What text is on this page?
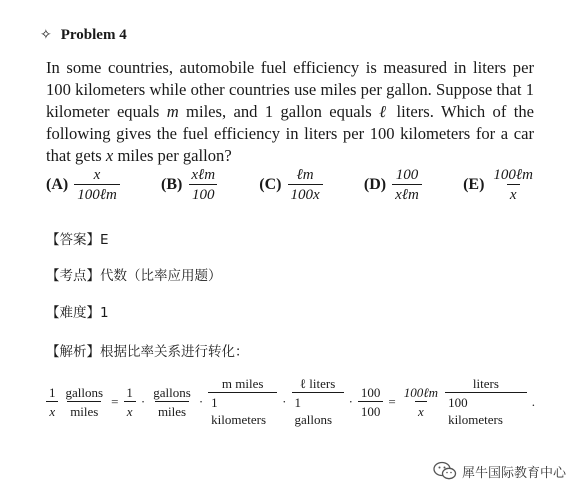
✧ Problem 4
In some countries, automobile fuel efficiency is measured in liters per 100 kilometers while other countries use miles per gallon. Suppose that 1 kilometer equals m miles, and 1 gallon equals ℓ liters. Which of the following gives the fuel efficiency in liters per 100 kilometers for a car that gets x miles per gallon?
$(A) \frac{x}{\text{100ℓm}}$	$(B) \frac{\text{xℓm}}{100}$	$(C) \frac{\text{ℓm}}{100x}$	$(D) \frac{100}{\text{xℓm}}$	$(E) \frac{\text{100ℓm}}{x}$
【答案】E
【考点】代数（比率应用题）
【难度】1
【解析】根据比率关系进行转化：
$\frac{1}{x} \frac{\text{gallons}}{\text{miles}} = \frac{1}{x} \cdot \frac{\text{gallons}}{\text{miles}} \cdot \frac{\text{m miles}}{\text{1 kilometers}} \cdot \frac{\text{ℓ liters}}{\text{1 gallons}} \cdot \frac{100}{100} = \frac{\text{100ℓm}}{x} \frac{\text{liters}}{\text{100 kilometers}}$ .
犀牛国际教育中心
